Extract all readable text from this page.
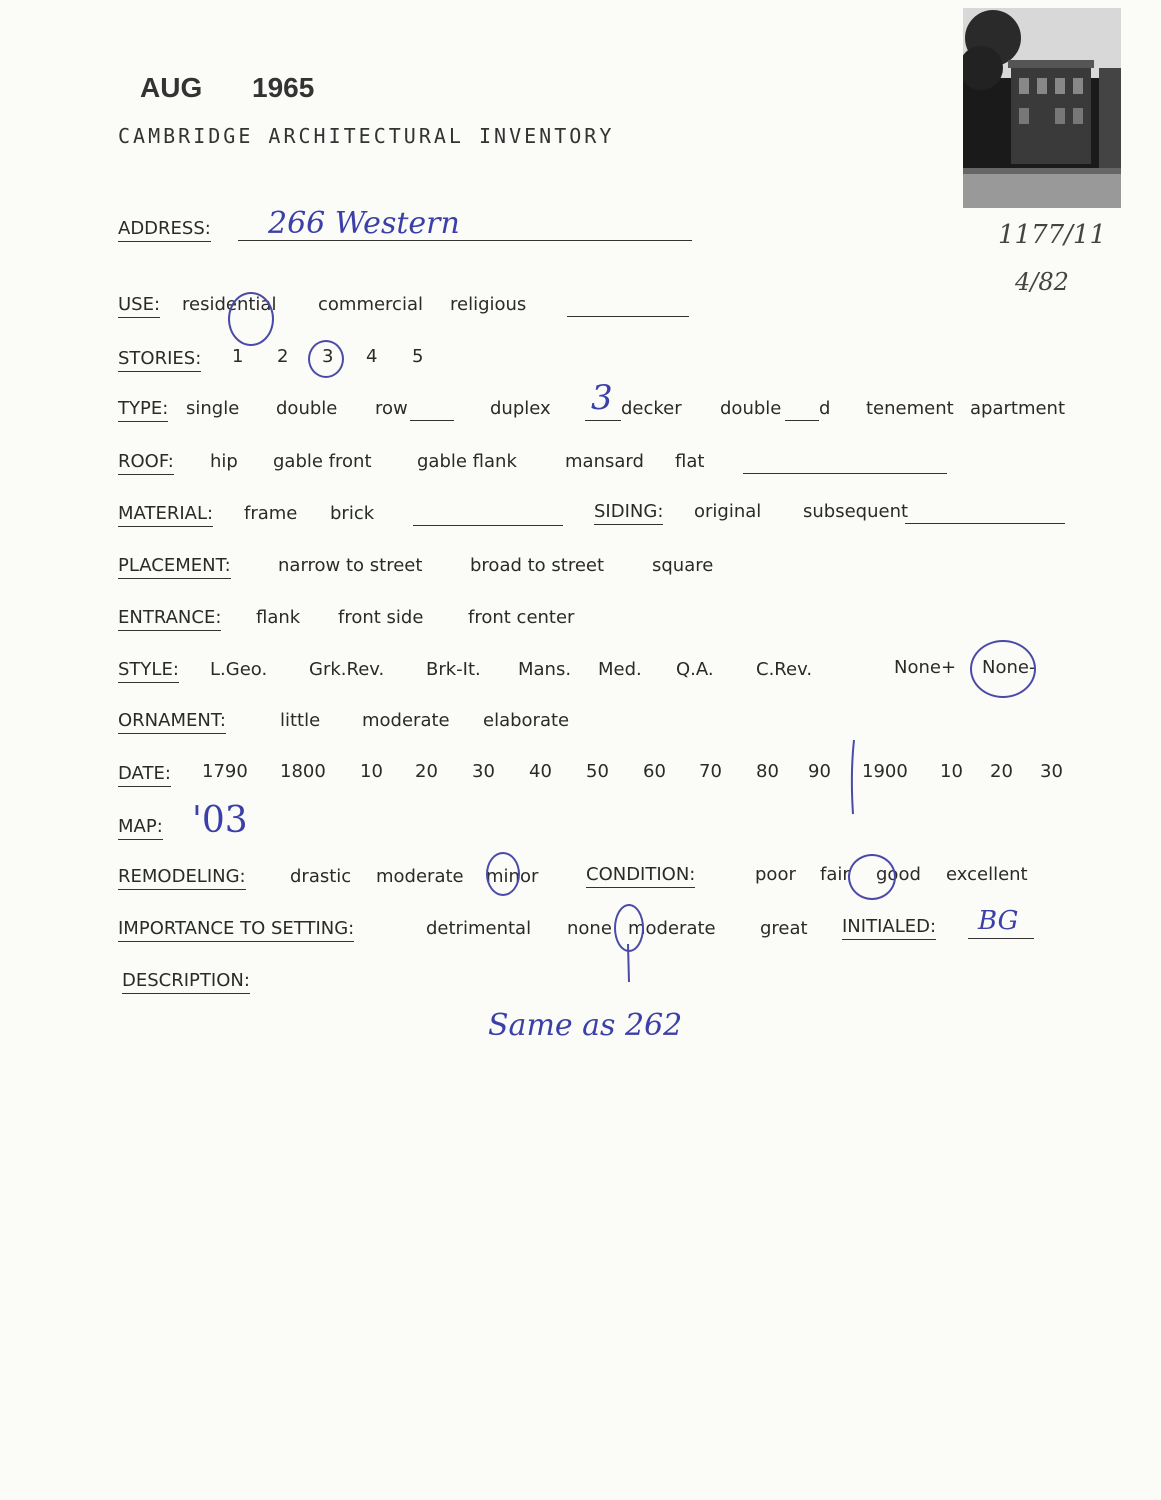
AUG 1965
CAMBRIDGE ARCHITECTURAL INVENTORY
1177/11
4/82
ADDRESS: 266 Western
USE: residential commercial religious
STORIES: 1 2 3 4 5
TYPE: single double row	duplex 3 decker double d tenement apartment
ROOF: hip gable front	gable flank	mansard flat
MATERIAL: frame brick	SIDING: original subsequent
PLACEMENT:	narrow to street	broad to street	square
ENTRANCE: flank front side front center
STYLE: L.Geo. Grk.Rev. Brk-It. Mans. Med. Q.A. C.Rev.	None+ None-
ORNAMENT:	little moderate elaborate
DATE: 1790 1800 10 20 30 40 50 60 70 80 90 1900 10 20 30
MAP: '03
REMODELING: drastic moderate minor	CONDITION:	poor fair good excellent
IMPORTANCE TO SETTING:	detrimental none moderate great INITIALED: BG
DESCRIPTION:
Same as 262
